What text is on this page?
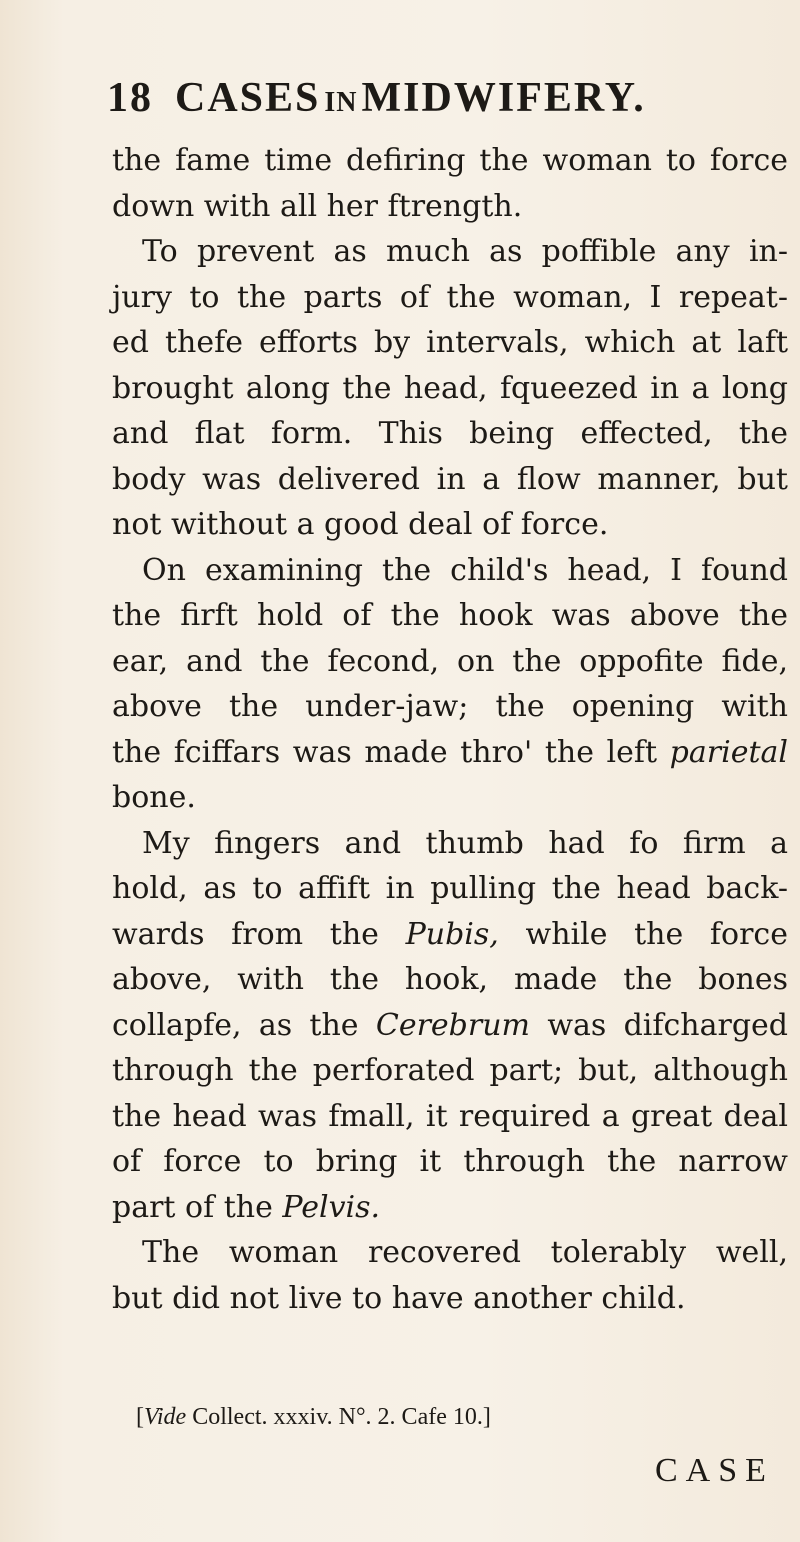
18 CASES INMIDWIFERY.
the fame time defiring the woman to force
down with all her ftrength.
To prevent as much as poffible any in-
jury to the parts of the woman, I repeat-
ed thefe efforts by intervals, which at laft
brought along the head, fqueezed in a long
and flat form. This being effected, the
body was delivered in a flow manner, but
not without a good deal of force.
On examining the child's head, I found
the firft hold of the hook was above the
ear, and the fecond, on the oppofite fide,
above the under-jaw; the opening with
the fciffars was made thro' the left parietal
bone.
My fingers and thumb had fo firm a
hold, as to affift in pulling the head back-
wards from the Pubis, while the force
above, with the hook, made the bones
collapfe, as the Cerebrum was difcharged
through the perforated part; but, although
the head was fmall, it required a great deal
of force to bring it through the narrow
part of the Pelvis.
The woman recovered tolerably well,
but did not live to have another child.
[Vide Collect. xxxiv. N°. 2. Cafe 10.]
CASE
